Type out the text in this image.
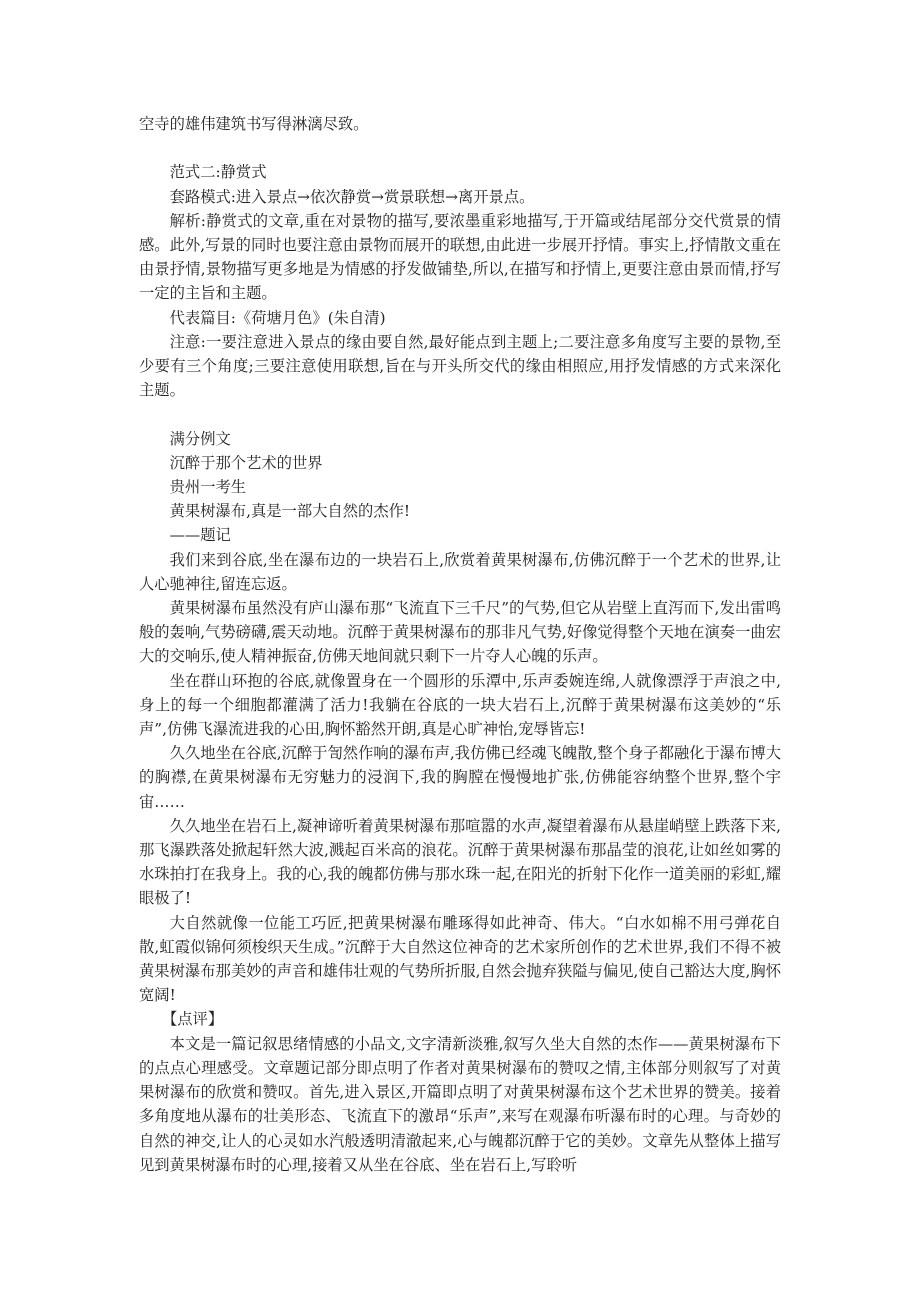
空寺的雄伟建筑书写得淋漓尽致。

范式二:静赏式

套路模式:进入景点→依次静赏→赏景联想→离开景点。

解析:静赏式的文章,重在对景物的描写,要浓墨重彩地描写,于开篇或结尾部分交代赏景的情感。此外,写景的同时也要注意由景物而展开的联想,由此进一步展开抒情。事实上,抒情散文重在由景抒情,景物描写更多地是为情感的抒发做铺垫,所以,在描写和抒情上,更要注意由景而情,抒写一定的主旨和主题。

代表篇目:《荷塘月色》(朱自清)

注意:一要注意进入景点的缘由要自然,最好能点到主题上;二要注意多角度写主要的景物,至少要有三个角度;三要注意使用联想,旨在与开头所交代的缘由相照应,用抒发情感的方式来深化主题。

满分例文

沉醉于那个艺术的世界

贵州一考生

黄果树瀑布,真是一部大自然的杰作!

——题记

我们来到谷底,坐在瀑布边的一块岩石上,欣赏着黄果树瀑布,仿佛沉醉于一个艺术的世界,让人心驰神往,留连忘返。

黄果树瀑布虽然没有庐山瀑布那“飞流直下三千尺”的气势,但它从岩壁上直泻而下,发出雷鸣般的轰响,气势磅礴,震天动地。沉醉于黄果树瀑布的那非凡气势,好像觉得整个天地在演奏一曲宏大的交响乐,使人精神振奋,仿佛天地间就只剩下一片夺人心魄的乐声。

坐在群山环抱的谷底,就像置身在一个圆形的乐潭中,乐声委婉连绵,人就像漂浮于声浪之中,身上的每一个细胞都灌满了活力!我躺在谷底的一块大岩石上,沉醉于黄果树瀑布这美妙的“乐声”,仿佛飞瀑流进我的心田,胸怀豁然开朗,真是心旷神怡,宠辱皆忘!

久久地坐在谷底,沉醉于訇然作响的瀑布声,我仿佛已经魂飞魄散,整个身子都融化于瀑布博大的胸襟,在黄果树瀑布无穷魅力的浸润下,我的胸膛在慢慢地扩张,仿佛能容纳整个世界,整个宇宙……

久久地坐在岩石上,凝神谛听着黄果树瀑布那喧嚣的水声,凝望着瀑布从悬崖峭壁上跌落下来,那飞瀑跌落处掀起轩然大波,溅起百米高的浪花。沉醉于黄果树瀑布那晶莹的浪花,让如丝如雾的水珠拍打在我身上。我的心,我的魄都仿佛与那水珠一起,在阳光的折射下化作一道美丽的彩虹,耀眼极了!

大自然就像一位能工巧匠,把黄果树瀑布雕琢得如此神奇、伟大。“白水如棉不用弓弹花自散,虹霞似锦何须梭织天生成。”沉醉于大自然这位神奇的艺术家所创作的艺术世界,我们不得不被黄果树瀑布那美妙的声音和雄伟壮观的气势所折服,自然会抛弃狭隘与偏见,使自己豁达大度,胸怀宽阔!

【点评】

本文是一篇记叙思绪情感的小品文,文字清新淡雅,叙写久坐大自然的杰作——黄果树瀑布下的点点心理感受。文章题记部分即点明了作者对黄果树瀑布的赞叹之情,主体部分则叙写了对黄果树瀑布的欣赏和赞叹。首先,进入景区,开篇即点明了对黄果树瀑布这个艺术世界的赞美。接着多角度地从瀑布的壮美形态、飞流直下的激昂“乐声”,来写在观瀑布听瀑布时的心理。与奇妙的自然的神交,让人的心灵如水汽般透明清澈起来,心与魄都沉醉于它的美妙。文章先从整体上描写见到黄果树瀑布时的心理,接着又从坐在谷底、坐在岩石上,写聆听
